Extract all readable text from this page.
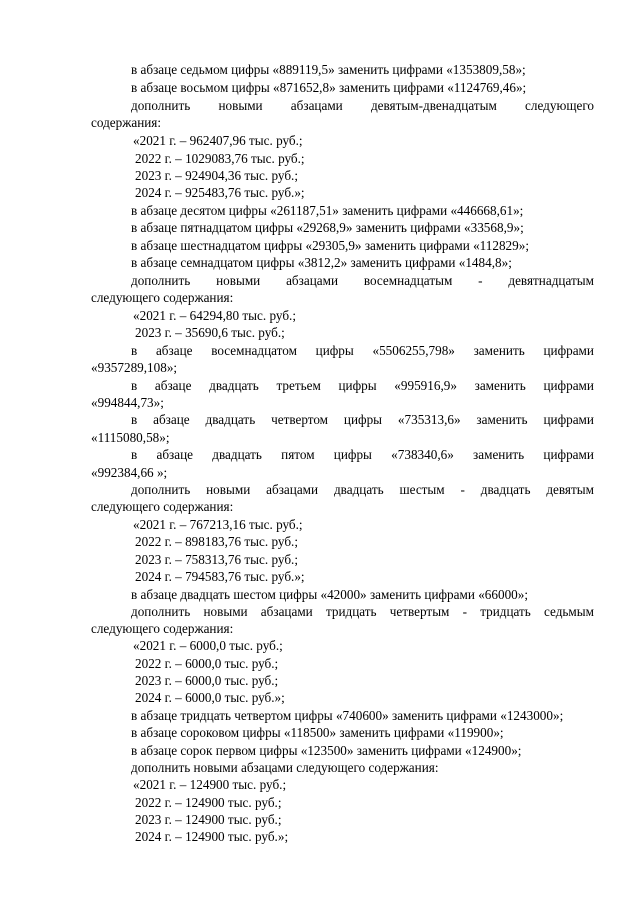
в абзаце седьмом цифры «889119,5» заменить цифрами «1353809,58»;
в абзаце восьмом цифры «871652,8» заменить цифрами «1124769,46»;
дополнить новыми абзацами девятым-двенадцатым следующего
содержания:
«2021 г. – 962407,96 тыс. руб.;
2022 г. – 1029083,76 тыс. руб.;
2023 г. – 924904,36 тыс. руб.;
2024 г. – 925483,76 тыс. руб.»;
в абзаце десятом цифры «261187,51» заменить цифрами «446668,61»;
в абзаце пятнадцатом цифры «29268,9» заменить цифрами «33568,9»;
в абзаце шестнадцатом цифры «29305,9» заменить цифрами «112829»;
в абзаце семнадцатом цифры «3812,2» заменить цифрами «1484,8»;
дополнить новыми абзацами восемнадцатым - девятнадцатым
следующего содержания:
«2021 г. – 64294,80 тыс. руб.;
2023 г. – 35690,6 тыс. руб.;
в абзаце восемнадцатом цифры «5506255,798» заменить цифрами
«9357289,108»;
в абзаце двадцать третьем цифры «995916,9» заменить цифрами
«994844,73»;
в абзаце двадцать четвертом цифры «735313,6» заменить цифрами
«1115080,58»;
в абзаце двадцать пятом цифры «738340,6» заменить цифрами
«992384,66 »;
дополнить новыми абзацами двадцать шестым - двадцать девятым
следующего содержания:
«2021 г. – 767213,16 тыс. руб.;
2022 г. – 898183,76 тыс. руб.;
2023 г. – 758313,76 тыс. руб.;
2024 г. – 794583,76 тыс. руб.»;
в абзаце двадцать шестом цифры «42000» заменить цифрами «66000»;
дополнить новыми абзацами тридцать четвертым - тридцать седьмым
следующего содержания:
«2021 г. – 6000,0 тыс. руб.;
2022 г. – 6000,0 тыс. руб.;
2023 г. – 6000,0 тыс. руб.;
2024 г. – 6000,0 тыс. руб.»;
в абзаце тридцать четвертом цифры «740600» заменить цифрами «1243000»;
в абзаце сороковом цифры «118500» заменить цифрами «119900»;
в абзаце сорок первом цифры «123500» заменить цифрами «124900»;
дополнить новыми абзацами следующего содержания:
«2021 г. – 124900 тыс. руб.;
2022 г. – 124900 тыс. руб.;
2023 г. – 124900 тыс. руб.;
2024 г. – 124900 тыс. руб.»;
